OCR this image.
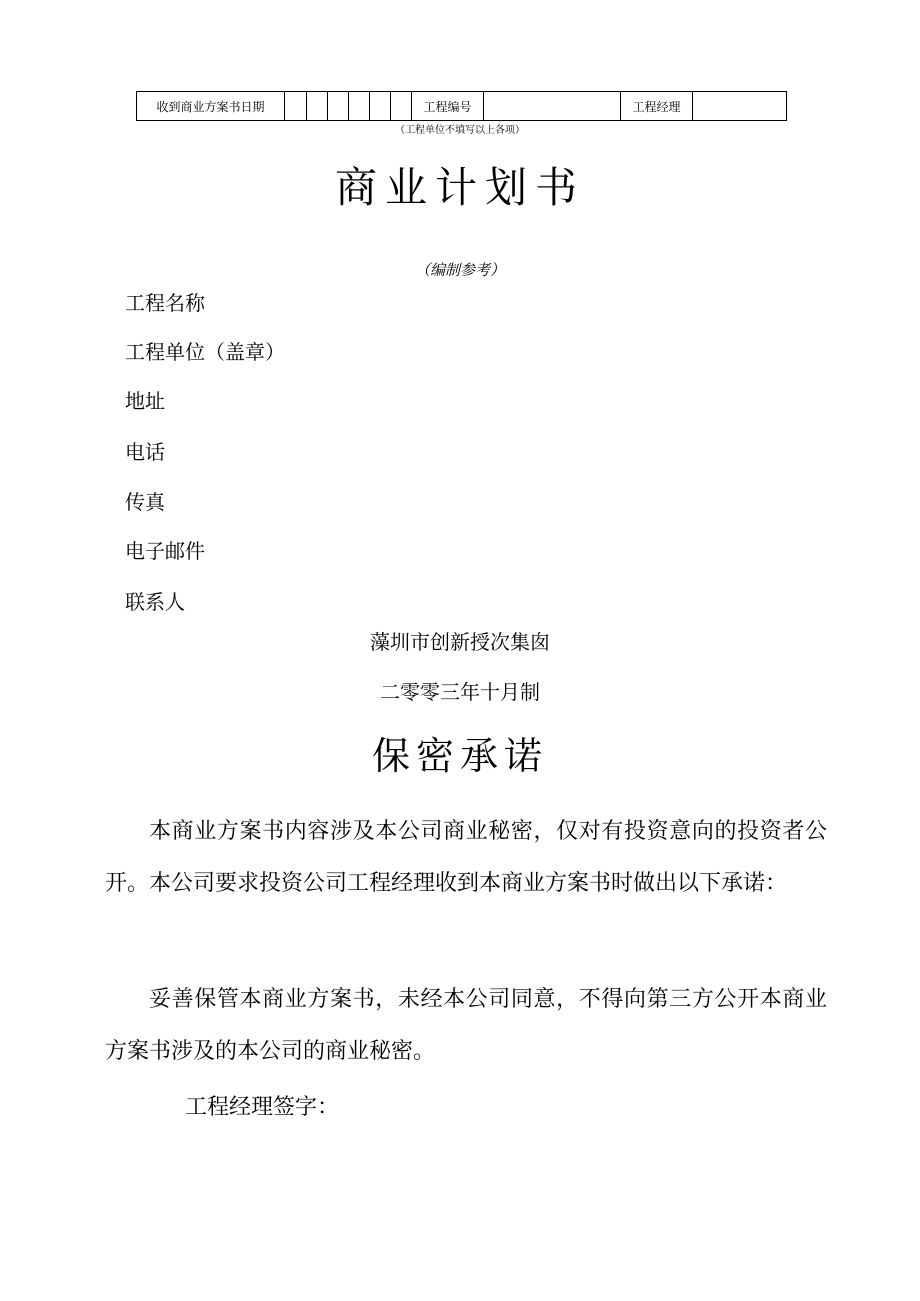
收到商业方案书日期							工程编号		工程经理	
（工程单位不填写以上各项）
商业计划书
（编制参考）
工程名称
工程单位（盖章）
地址
电话
传真
电子邮件
联系人
藻圳市创新授次集囱
二零零三年十月制
保密承诺

本商业方案书内容涉及本公司商业秘密，仅对有投资意向的投资者公开。本公司要求投资公司工程经理收到本商业方案书时做出以下承诺：

妥善保管本商业方案书，未经本公司同意，不得向第三方公开本商业方案书涉及的本公司的商业秘密。

工程经理签字：
